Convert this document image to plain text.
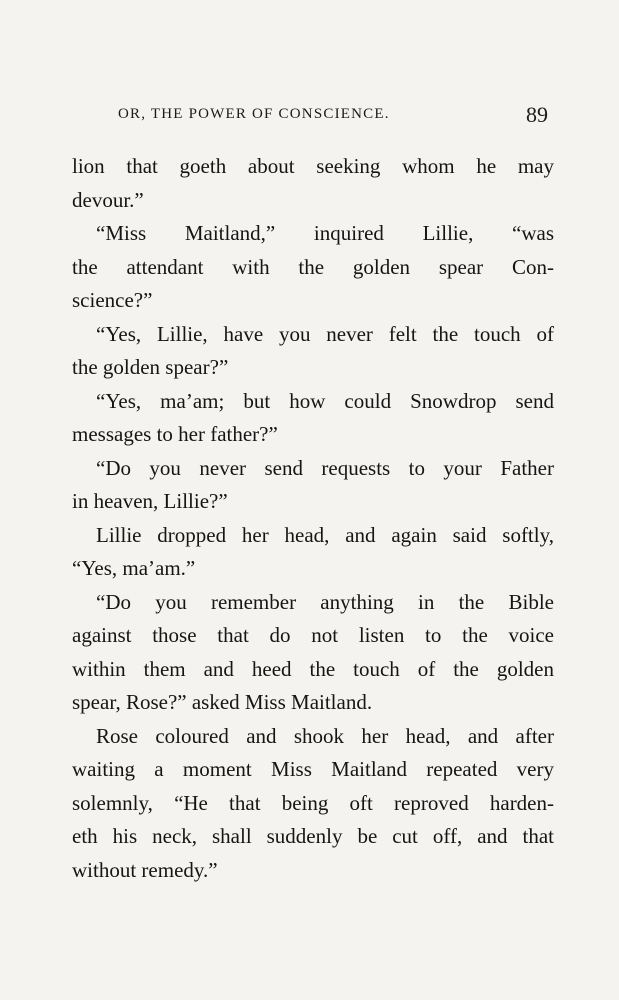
OR, THE POWER OF CONSCIENCE.	89
lion that goeth about seeking whom he may
devour.”
“Miss Maitland,” inquired Lillie, “was
the attendant with the golden spear Con-
science?”
“Yes, Lillie, have you never felt the touch of
the golden spear?”
“Yes, ma’am; but how could Snowdrop send
messages to her father?”
“Do you never send requests to your Father
in heaven, Lillie?”
Lillie dropped her head, and again said softly,
“Yes, ma’am.”
“Do you remember anything in the Bible
against those that do not listen to the voice
within them and heed the touch of the golden
spear, Rose?” asked Miss Maitland.
Rose coloured and shook her head, and after
waiting a moment Miss Maitland repeated very
solemnly, “He that being oft reproved harden-
eth his neck, shall suddenly be cut off, and that
without remedy.”
